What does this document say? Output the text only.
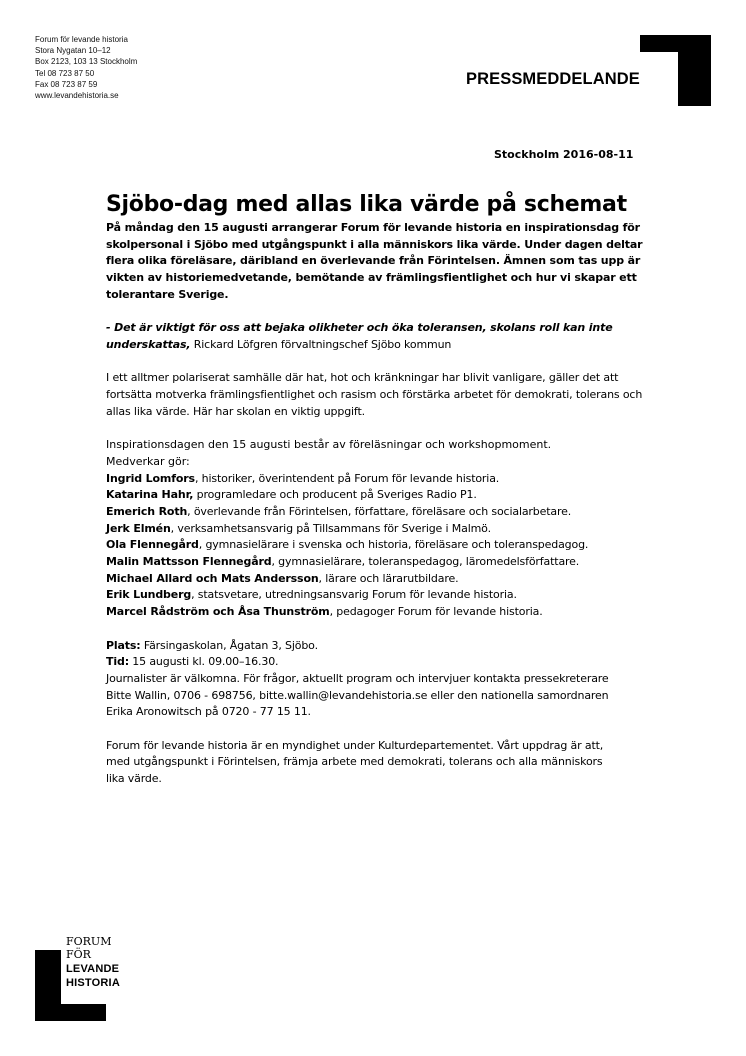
Forum för levande historia
Stora Nygatan 10–12
Box 2123, 103 13 Stockholm
Tel 08 723 87 50
Fax 08 723 87 59
www.levandehistoria.se
PRESSMEDDELANDE
Stockholm 2016-08-11
Sjöbo-dag med allas lika värde på schemat

På måndag den 15 augusti arrangerar Forum för levande historia en inspirationsdag för skolpersonal i Sjöbo med utgångspunkt i alla människors lika värde. Under dagen deltar flera olika föreläsare, däribland en överlevande från Förintelsen. Ämnen som tas upp är vikten av historiemedvetande, bemötande av främlingsfientlighet och hur vi skapar ett tolerantare Sverige.

- Det är viktigt för oss att bejaka olikheter och öka toleransen, skolans roll kan inte underskattas, Rickard Löfgren förvaltningschef Sjöbo kommun

I ett alltmer polariserat samhälle där hat, hot och kränkningar har blivit vanligare, gäller det att fortsätta motverka främlingsfientlighet och rasism och förstärka arbetet för demokrati, tolerans och allas lika värde. Här har skolan en viktig uppgift.

Inspirationsdagen den 15 augusti består av föreläsningar och workshopmoment.
Medverkar gör:
Ingrid Lomfors, historiker, överintendent på Forum för levande historia.
Katarina Hahr, programledare och producent på Sveriges Radio P1.
Emerich Roth, överlevande från Förintelsen, författare, föreläsare och socialarbetare.
Jerk Elmén, verksamhetsansvarig på Tillsammans för Sverige i Malmö.
Ola Flennegård, gymnasielärare i svenska och historia, föreläsare och toleranspedagog.
Malin Mattsson Flennegård, gymnasielärare, toleranspedagog, läromedelsförfattare.
Michael Allard och Mats Andersson, lärare och lärarutbildare.
Erik Lundberg, statsvetare, utredningsansvarig Forum för levande historia.
Marcel Rådström och Åsa Thunström, pedagoger Forum för levande historia.
Plats: Färsingaskolan, Ågatan 3, Sjöbo.
Tid: 15 augusti kl. 09.00–16.30.
Journalister är välkomna. För frågor, aktuellt program och intervjuer kontakta pressekreterare
Bitte Wallin, 0706 - 698756, bitte.wallin@levandehistoria.se eller den nationella samordnaren
Erika Aronowitsch på 0720 - 77 15 11.
Forum för levande historia är en myndighet under Kulturdepartementet. Vårt uppdrag är att,
med utgångspunkt i Förintelsen, främja arbete med demokrati, tolerans och alla människors
lika värde.
FORUM
FÖR
LEVANDE
HISTORIA
